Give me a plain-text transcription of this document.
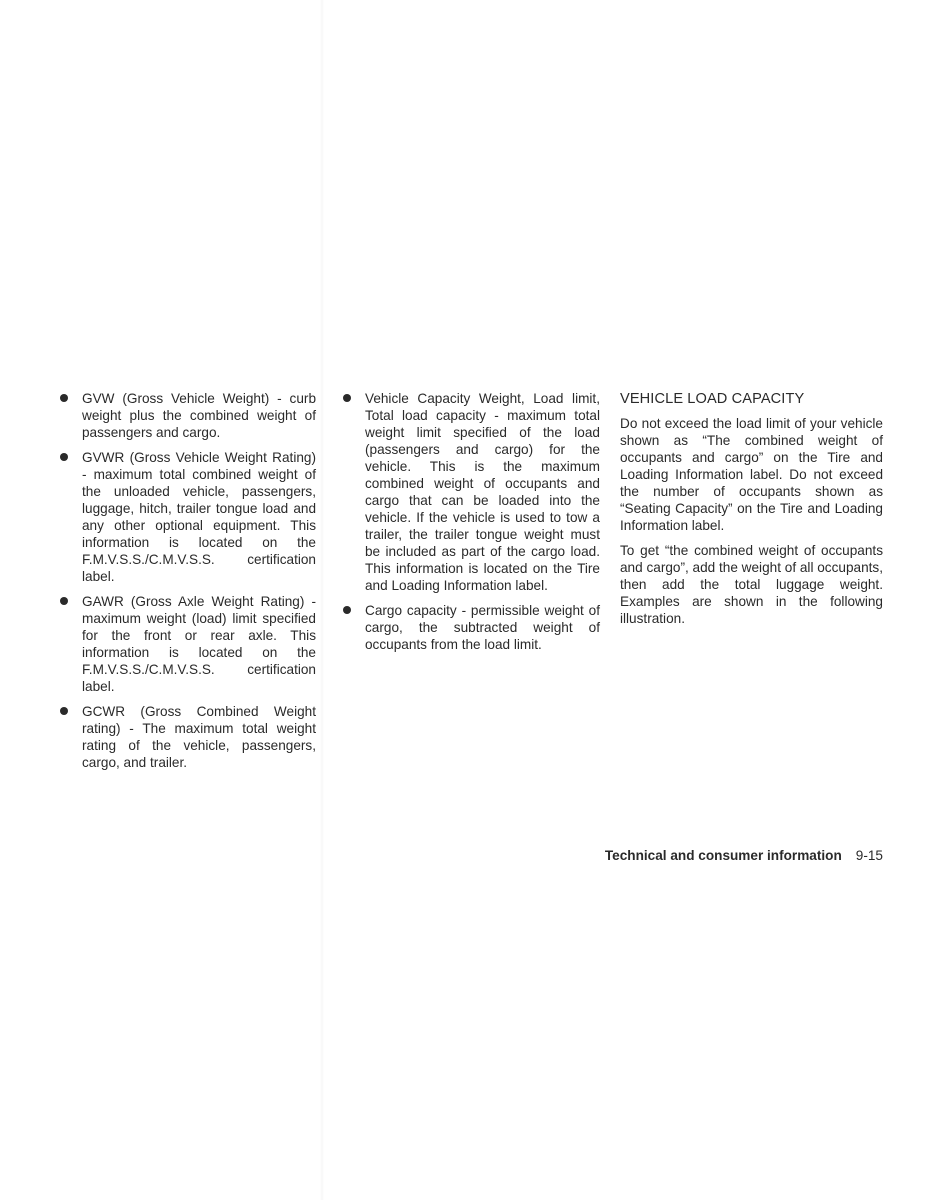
GVW (Gross Vehicle Weight) - curb weight plus the combined weight of passengers and cargo.
GVWR (Gross Vehicle Weight Rating) - maximum total combined weight of the unloaded vehicle, passengers, luggage, hitch, trailer tongue load and any other optional equipment. This information is located on the F.M.V.S.S./C.M.V.S.S. certification label.
GAWR (Gross Axle Weight Rating) - maximum weight (load) limit specified for the front or rear axle. This information is located on the F.M.V.S.S./C.M.V.S.S. certification label.
GCWR (Gross Combined Weight rating) - The maximum total weight rating of the vehicle, passengers, cargo, and trailer.
Vehicle Capacity Weight, Load limit, Total load capacity - maximum total weight limit specified of the load (passengers and cargo) for the vehicle. This is the maximum combined weight of occupants and cargo that can be loaded into the vehicle. If the vehicle is used to tow a trailer, the trailer tongue weight must be included as part of the cargo load. This information is located on the Tire and Loading Information label.
Cargo capacity - permissible weight of cargo, the subtracted weight of occupants from the load limit.
VEHICLE LOAD CAPACITY

Do not exceed the load limit of your vehicle shown as “The combined weight of occupants and cargo” on the Tire and Loading Information label. Do not exceed the number of occupants shown as “Seating Capacity” on the Tire and Loading Information label.

To get “the combined weight of occupants and cargo”, add the weight of all occupants, then add the total luggage weight. Examples are shown in the following illustration.

Technical and consumer information 9-15
